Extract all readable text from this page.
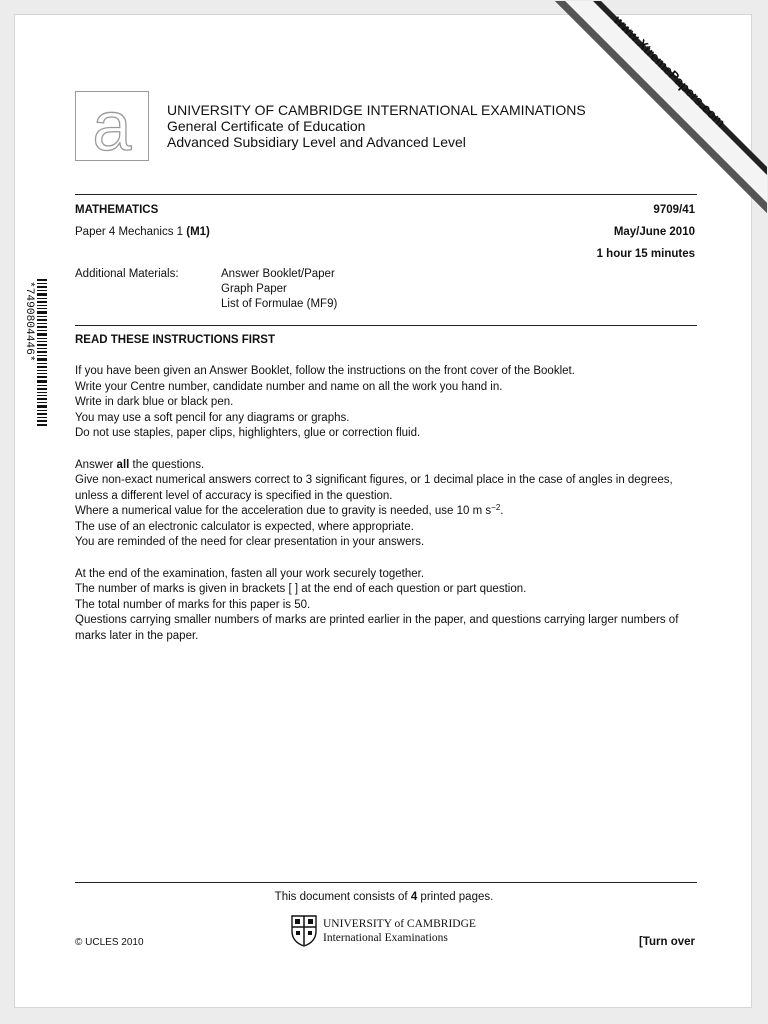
www.XtremePapers.com
a	UNIVERSITY OF CAMBRIDGE INTERNATIONAL EXAMINATIONS
General Certificate of Education
Advanced Subsidiary Level and Advanced Level
*7490804446*
MATHEMATICS	9709/41
Paper 4 Mechanics 1 (M1)	May/June 2010
1 hour 15 minutes
Additional Materials:	Answer Booklet/Paper
Graph Paper
List of Formulae (MF9)
READ THESE INSTRUCTIONS FIRST

If you have been given an Answer Booklet, follow the instructions on the front cover of the Booklet.

Write your Centre number, candidate number and name on all the work you hand in.

Write in dark blue or black pen.

You may use a soft pencil for any diagrams or graphs.

Do not use staples, paper clips, highlighters, glue or correction fluid.

Answer all the questions.

Give non-exact numerical answers correct to 3 significant figures, or 1 decimal place in the case of angles in degrees, unless a different level of accuracy is specified in the question.

Where a numerical value for the acceleration due to gravity is needed, use 10 m $s^{-2}$.

The use of an electronic calculator is expected, where appropriate.

You are reminded of the need for clear presentation in your answers.

At the end of the examination, fasten all your work securely together.

The number of marks is given in brackets [ ] at the end of each question or part question.

The total number of marks for this paper is 50.

Questions carrying smaller numbers of marks are printed earlier in the paper, and questions carrying larger numbers of marks later in the paper.

This document consists of 4 printed pages.
© UCLES 2010
UNIVERSITY of CAMBRIDGE
International Examinations	[Turn over
